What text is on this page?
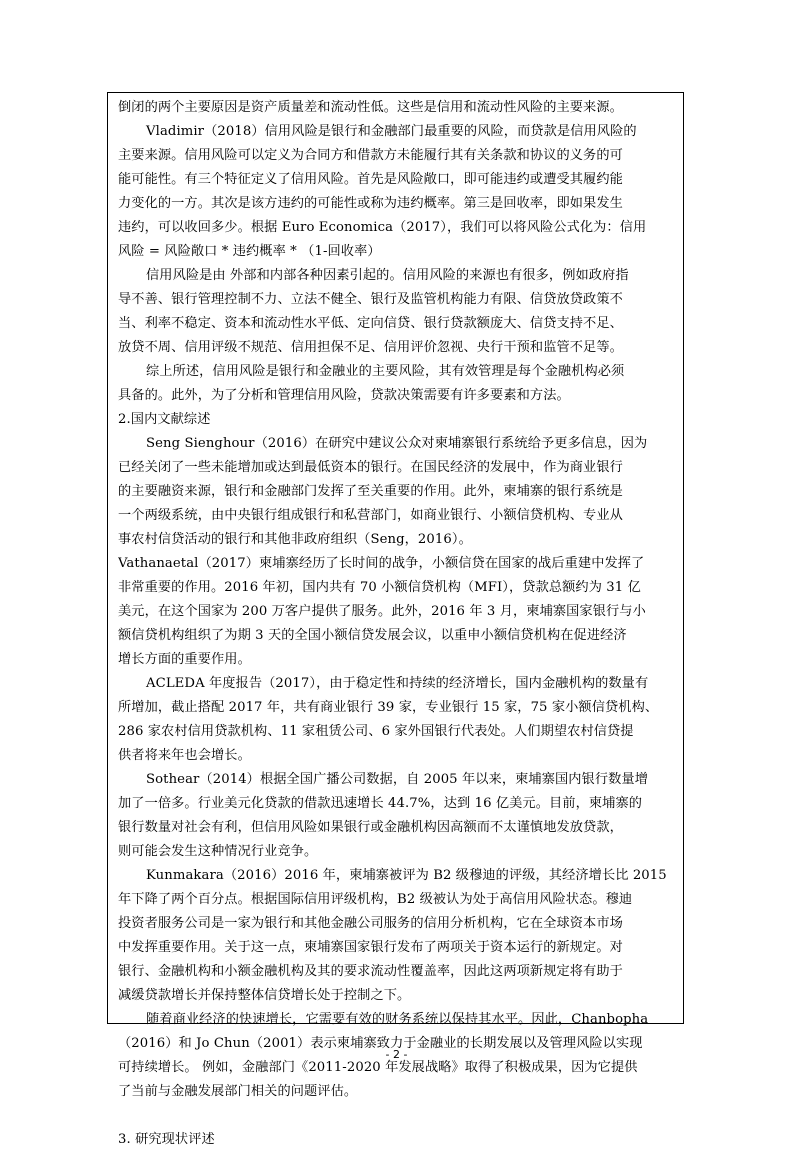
倒闭的两个主要原因是资产质量差和流动性低。这些是信用和流动性风险的主要来源。
Vladimir（2018）信用风险是银行和金融部门最重要的风险，而贷款是信用风险的
主要来源。信用风险可以定义为合同方和借款方未能履行其有关条款和协议的义务的可
能可能性。有三个特征定义了信用风险。首先是风险敞口，即可能违约或遭受其履约能
力变化的一方。其次是该方违约的可能性或称为违约概率。第三是回收率，即如果发生
违约，可以收回多少。根据 Euro Economica（2017），我们可以将风险公式化为：信用
风险 = 风险敞口 * 违约概率 * （1-回收率）
信用风险是由 外部和内部各种因素引起的。信用风险的来源也有很多，例如政府指
导不善、银行管理控制不力、立法不健全、银行及监管机构能力有限、信贷放贷政策不
当、利率不稳定、资本和流动性水平低、定向信贷、银行贷款额庞大、信贷支持不足、
放贷不周、信用评级不规范、信用担保不足、信用评价忽视、央行干预和监管不足等。
综上所述，信用风险是银行和金融业的主要风险，其有效管理是每个金融机构必须
具备的。此外，为了分析和管理信用风险，贷款决策需要有许多要素和方法。
2.国内文献综述
Seng Sienghour（2016）在研究中建议公众对柬埔寨银行系统给予更多信息，因为
已经关闭了一些未能增加或达到最低资本的银行。在国民经济的发展中，作为商业银行
的主要融资来源，银行和金融部门发挥了至关重要的作用。此外，柬埔寨的银行系统是
一个两级系统，由中央银行组成银行和私营部门，如商业银行、小额信贷机构、专业从
事农村信贷活动的银行和其他非政府组织（Seng，2016）。
Vathanaetal（2017）柬埔寨经历了长时间的战争，小额信贷在国家的战后重建中发挥了
非常重要的作用。2016 年初，国内共有 70 小额信贷机构（MFI），贷款总额约为 31 亿
美元，在这个国家为 200 万客户提供了服务。此外，2016 年 3 月，柬埔寨国家银行与小
额信贷机构组织了为期 3 天的全国小额信贷发展会议，以重申小额信贷机构在促进经济
增长方面的重要作用。
ACLEDA 年度报告（2017），由于稳定性和持续的经济增长，国内金融机构的数量有
所增加，截止搭配 2017 年，共有商业银行 39 家，专业银行 15 家，75 家小额信贷机构、
286 家农村信用贷款机构、11 家租赁公司、6 家外国银行代表处。人们期望农村信贷提
供者将来年也会增长。
Sothear（2014）根据全国广播公司数据，自 2005 年以来，柬埔寨国内银行数量增
加了一倍多。行业美元化贷款的借款迅速增长 44.7%，达到 16 亿美元。目前，柬埔寨的
银行数量对社会有利，但信用风险如果银行或金融机构因高额而不太谨慎地发放贷款，
则可能会发生这种情况行业竞争。
Kunmakara（2016）2016 年，柬埔寨被评为 B2 级穆迪的评级，其经济增长比 2015
年下降了两个百分点。根据国际信用评级机构，B2 级被认为处于高信用风险状态。穆迪
投资者服务公司是一家为银行和其他金融公司服务的信用分析机构，它在全球资本市场
中发挥重要作用。关于这一点，柬埔寨国家银行发布了两项关于资本运行的新规定。对
银行、金融机构和小额金融机构及其的要求流动性覆盖率，因此这两项新规定将有助于
减缓贷款增长并保持整体信贷增长处于控制之下。
随着商业经济的快速增长，它需要有效的财务系统以保持其水平。因此，Chanbopha
（2016）和 Jo Chun（2001）表示柬埔寨致力于金融业的长期发展以及管理风险以实现
可持续增长。 例如，金融部门《2011-2020 年发展战略》取得了积极成果，因为它提供
了当前与金融发展部门相关的问题评估。
3. 研究现状评述
- 2 -
